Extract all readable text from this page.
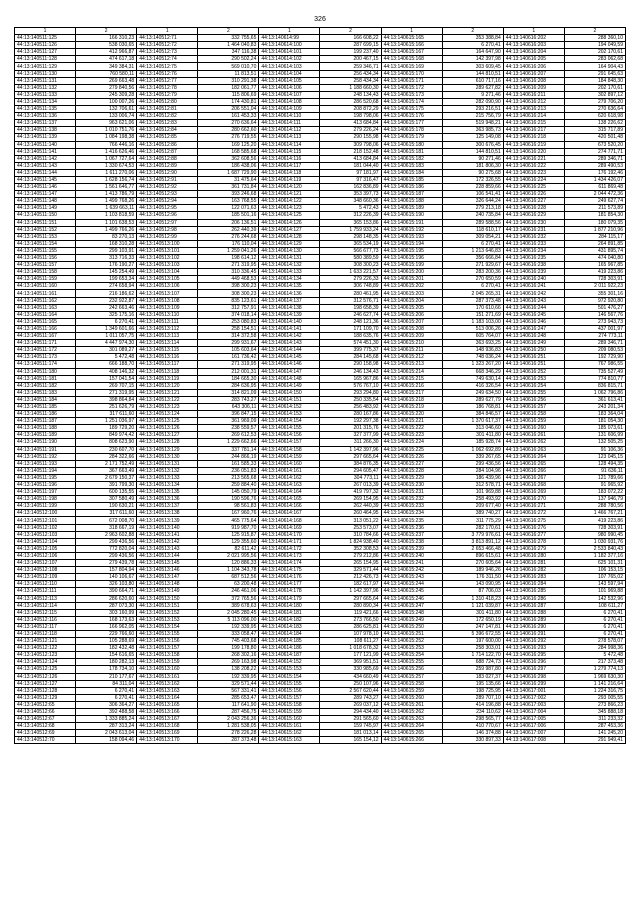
326
1	2	1	2	1	2	1	2	1	2
44:13:140511:125	166 310,23	44:13:140512:71	332 755,65	44:13:140614:99	166 608,22	44:13:140615:165	353 388,84	44:13:140616:202	288 360,10
44:13:140511:126	538 030,65	44:13:140512:72	1 464 040,83	44:13:140614:100	287 699,15	44:13:140615:166	6 270,41	44:13:140616:203	194 049,59
44:13:140511:127	412 966,87	44:13:140512:73	347 116,38	44:13:140614:101	199 237,40	44:13:140615:167	164 647,90	44:13:140616:204	202 170,61
44:13:140511:128	474 617,18	44:13:140512:74	290 502,24	44:13:140614:102	200 467,15	44:13:140615:168	142 397,98	44:13:140616:205	283 062,68
44:13:140511:129	349 384,31	44:13:140512:75	569 010,70	44:13:140614:103	259 346,71	44:13:140615:169	303 609,45	44:13:140616:206	164 904,43
44:13:140511:130	760 580,11	44:13:140512:76	11 813,51	44:13:140614:104	256 434,34	44:13:140615:170	144 810,51	44:13:140616:207	291 645,63
44:13:140511:131	269 663,48	44:13:140512:77	310 291,38	44:13:140614:105	258 434,34	44:13:140615:171	610 717,16	44:13:140616:208	184 848,30
44:13:140511:132	279 840,56	44:13:140512:78	182 061,77	44:13:140614:106	1 188 660,30	44:13:140615:172	289 627,82	44:13:140616:209	202 170,61
44:13:140511:133	245 309,28	44:13:140512:79	115 806,69	44:13:140614:107	248 134,43	44:13:140615:173	9 271,46	44:13:140616:211	302 897,12
44:13:140511:134	100 007,26	44:13:140512:80	174 430,81	44:13:140614:108	286 520,68	44:13:140615:174	282 090,90	44:13:140616:212	279 706,20
44:13:140511:135	132 706,61	44:13:140512:81	206 551,04	44:13:140614:109	208 872,29	44:13:140615:175	293 216,51	44:13:140616:213	270 636,64
44:13:140511:136	133 006,74	44:13:140512:82	161 453,33	44:13:140614:110	198 798,06	44:13:140615:176	215 756,79	44:13:140616:214	620 618,98
44:13:140511:137	963 621,06	44:13:140512:83	270 636,64	44:13:140614:111	413 684,84	44:13:140615:177	519 948,21	44:13:140616:215	138 226,62
44:13:140511:138	1 010 751,76	44:13:140512:84	280 662,60	44:13:140614:112	279 226,24	44:13:140615:178	363 985,73	44:13:140616:217	315 717,89
44:13:140511:139	1 084 198,38	44:13:140512:85	276 719,55	44:13:140614:113	290 155,98	44:13:140615:179	125 149,08	44:13:140616:218	420 501,48
44:13:140511:140	766 446,16	44:13:140512:86	169 125,20	44:13:140614:114	309 798,06	44:13:140615:180	300 676,45	44:13:140616:219	673 520,20
44:13:140511:141	1 416 626,46	44:13:140512:87	168 585,68	44:13:140614:115	218 152,48	44:13:140615:181	144 810,51	44:13:140616:220	274 771,71
44:13:140511:142	1 067 727,64	44:13:140512:88	362 608,56	44:13:140614:116	413 684,84	44:13:140615:182	90 271,46	44:13:140616:221	289 346,71
44:13:140511:143	1 330 674,53	44:13:140512:89	186 438,06	44:13:140614:117	181 044,40	44:13:140615:183	181 806,30	44:13:140616:222	289 490,53
44:13:140511:144	1 611 270,06	44:13:140512:90	1 687 729,90	44:13:140614:118	97 181,97	44:13:140615:184	90 275,68	44:13:140616:223	176 192,46
44:13:140511:145	1 628 156,74	44:13:140512:91	31 475,64	44:13:140614:119	97 316,47	44:13:140615:185	172 326,55	44:13:140616:224	1 434 426,07
44:13:140511:146	1 561 646,77	44:13:140512:92	361 731,84	44:13:140614:120	162 836,89	44:13:140615:186	228 859,66	44:13:140616:225	611 869,48
44:13:140511:147	1 413 786,79	44:13:140512:93	393 246,68	44:13:140614:121	353 397,73	44:13:140615:187	106 541,41	44:13:140616:226	2 044 472,36
44:13:140511:148	1 499 768,26	44:13:140512:94	163 768,55	44:13:140614:122	348 660,36	44:13:140615:188	326 644,24	44:13:140616:227	249 627,74
44:13:140511:149	1 639 663,11	44:13:140512:95	122 071,63	44:13:140614:123	5 472,43	44:13:140615:189	279 213,18	44:13:140616:228	211 573,89
44:13:140511:150	1 103 818,59	44:13:140512:96	185 501,16	44:13:140614:125	312 226,39	44:13:140615:190	240 735,84	44:13:140616:229	181 854,30
44:13:140511:151	1 101 638,53	44:13:140512:97	206 136,51	44:13:140614:126	365 153,86	44:13:140615:191	289 588,56	44:13:140616:230	180 079,35
44:13:140511:152	1 499 766,26	44:13:140512:98	262 440,39	44:13:140614:127	1 759 933,24	44:13:140615:192	118 610,17	44:13:140616:231	1 877 210,96
44:13:140511:153	83 270,13	44:13:140512:99	276 244,68	44:13:140614:128	298 148,35	44:13:140615:193	309 054,21	44:13:140616:232	284 115,17
44:13:140511:154	168 310,28	44:13:140513:100	176 110,04	44:13:140614:129	365 534,19	44:13:140615:194	6 270,41	44:13:140616:233	264 891,85
44:13:140511:155	299 103,91	44:13:140513:101	1 259 041,26	44:13:140614:130	566 677,73	44:13:140615:195	1 213 646,83	44:13:140616:234	431 895,74
44:13:140511:156	313 716,33	44:13:140513:102	198 614,12	44:13:140614:131	580 389,59	44:13:140615:196	356 666,84	44:13:140616:235	474 040,80
44:13:140511:157	176 190,27	44:13:140513:103	271 319,95	44:13:140614:132	308 300,23	44:13:140615:199	271 929,67	44:13:140616:238	165 967,85
44:13:140511:158	145 254,49	44:13:140513:104	310 336,45	44:13:140614:133	1 633 221,57	44:13:140615:200	283 200,36	44:13:140616:239	419 223,86
44:13:140511:159	199 653,34	44:13:140513:105	449 468,53	44:13:140614:134	279 226,33	44:13:140615:201	270 650,59	44:13:140616:240	728 303,91
44:13:140511:160	274 658,94	44:13:140513:106	398 300,23	44:13:140614:135	306 748,89	44:13:140615:202	6 270,41	44:13:140616:241	2 011 922,23
44:13:140511:161	216 186,62	44:13:140513:107	308 300,23	44:13:140614:136	280 461,95	44:13:140615:203	2 045 265,31	44:13:140616:242	355 301,16
44:13:140511:162	232 922,87	44:13:140513:108	835 123,61	44:13:140614:137	312 576,71	44:13:140615:204	287 373,48	44:13:140616:243	972 920,80
44:13:140511:163	242 663,46	44:13:140513:109	312 757,91	44:13:140614:138	198 658,39	44:13:140615:205	170 610,66	44:13:140616:244	501 476,27
44:13:140511:164	325 175,16	44:13:140513:110	374 018,14	44:13:140614:139	246 627,74	44:13:140615:206	151 271,69	44:13:140616:245	146 567,76
44:13:140511:165	6 270,41	44:13:140513:111	253 080,83	44:13:140614:140	248 121,36	44:13:140615:207	1 183 103,00	44:13:140616:246	273 943,73
44:13:140511:166	1 349 601,66	44:13:140513:112	258 154,51	44:13:140614:141	171 109,70	44:13:140615:208	513 006,26	44:13:140616:247	437 001,97
44:13:140511:167	1 011 057,75	44:13:140513:113	314 372,58	44:13:140614:142	188 635,76	44:13:140615:209	605 764,07	44:13:140616:248	274 773,11
44:13:140511:171	4 447 974,30	44:13:140513:114	299 931,67	44:13:140614:143	574 451,30	44:13:140615:210	363 693,25	44:13:140616:249	289 346,71
44:13:140511:172	301 089,27	44:13:140513:115	105 603,64	44:13:140614:144	399 775,37	44:13:140615:211	148 936,83	44:13:140616:250	209 080,53
44:13:140511:173	5 472,48	44:13:140513:116	161 736,42	44:13:140614:145	284 145,68	44:13:140615:212	748 036,24	44:13:140616:251	192 729,90
44:13:140511:174	666 188,70	44:13:140513:117	271 319,95	44:13:140614:146	290 158,98	44:13:140615:213	1 323 267,20	44:13:140616:251	767 986,55
44:13:140511:180	408 146,32	44:13:140513:118	212 001,31	44:13:140614:147	246 134,43	44:13:140615:214	668 346,29	44:13:140616:252	735 527,49
44:13:140511:181	157 041,54	44:13:140513:119	184 665,30	44:13:140614:148	165 967,86	44:13:140615:215	749 630,14	44:13:140616:253	774 810,77
44:13:140511:182	269 707,15	44:13:140513:120	284 636,95	44:13:140614:149	576 767,10	44:13:140615:216	416 326,54	44:13:140616:254	836 815,71
44:13:140511:183	271 319,95	44:13:140513:121	314 821,09	44:13:140614:150	293 294,80	44:13:140615:217	249 634,50	44:13:140616:255	1 062 796,86
44:13:140511:184	398 864,84	44:13:140513:122	283 743,27	44:13:140614:151	250 335,54	44:13:140615:218	289 627,79	44:13:140616:256	361 613,41
44:13:140511:185	251 626,79	44:13:140513:123	643 306,11	44:13:140614:152	256 483,92	44:13:140615:219	186 768,81	44:13:140616:257	243 201,34
44:13:140511:186	317 611,60	44:13:140513:124	396 847,15	44:13:140614:153	280 167,86	44:13:140615:220	384 846,57	44:13:140616:258	183 364,04
44:13:140511:187	1 251 036,97	44:13:140513:125	361 969,09	44:13:140614:154	192 297,38	44:13:140615:221	1 370 617,37	44:13:140616:259	181 054,30
44:13:140511:188	189 729,20	44:13:140513:126	238 559,57	44:13:140614:155	201 315,76	44:13:140615:222	313 046,60	44:13:140616:260	185 073,61
44:13:140511:189	849 974,42	44:13:140513:127	269 612,53	44:13:140614:156	327 377,99	44:13:140615:223	301 411,80	44:13:140616:261	131 606,99
44:13:140511:190	808 623,90	44:13:140513:128	1 229 662,66	44:13:140614:157	311 266,30	44:13:140615:224	185 928,74	44:13:140616:262	132 505,25
44:13:140511:191	230 607,70	44:13:140513:129	337 781,14	44:13:140614:158	1 142 397,96	44:13:140615:225	1 062 692,89	44:13:140616:263	91 106,36
44:13:140511:192	284 322,66	44:13:140513:130	244 866,19	44:13:140614:159	297 665,64	44:13:140615:226	339 267,65	44:13:140616:264	123 045,15
44:13:140511:193	2 171 752,49	44:13:140513:131	161 585,33	44:13:140614:160	384 876,35	44:13:140615:227	299 436,56	44:13:140616:265	128 494,35
44:13:140511:194	367 663,49	44:13:140513:132	236 051,83	44:13:140614:161	294 605,47	44:13:140615:228	284 104,96	44:13:140616:266	91 636,11
44:13:140511:195	2 679 150,37	44:13:140513:133	213 565,68	44:13:140614:162	304 773,11	44:13:140615:229	186 439,96	44:13:140616:267	121 789,66
44:13:140511:196	391 799,30	44:13:140513:134	259 884,40	44:13:140614:163	267 013,39	44:13:140615:230	312 578,71	44:13:140616:268	91 965,92
44:13:140511:197	600 135,55	44:13:140513:135	145 050,79	44:13:140614:164	419 797,32	44:13:140615:231	101 969,88	44:13:140616:269	183 072,22
44:13:140511:198	307 580,49	44:13:140513:136	190 596,76	44:13:140614:165	269 154,95	44:13:140615:232	258 493,92	44:13:140616:270	137 946,79
44:13:140511:199	190 630,21	44:13:140513:137	98 561,83	44:13:140614:166	262 440,39	44:13:140615:233	209 677,40	44:13:140616:271	288 780,56
44:13:140512:100	317 611,60	44:13:140513:138	167 960,76	44:13:140614:167	260 464,95	44:13:140615:234	389 740,27	44:13:140616:272	1 466 767,21
44:13:140512:101	672 008,70	44:13:140513:139	465 775,64	44:13:140614:168	313 051,22	44:13:140615:235	311 775,29	44:13:140616:275	419 223,86
44:13:140512:102	318 667,19	44:13:140513:140	919 987,70	44:13:140614:169	253 573,07	44:13:140615:236	282 170,61	44:13:140616:276	728 303,91
44:13:140512:103	2 963 602,88	44:13:140513:141	125 915,87	44:13:140614:170	310 784,66	44:13:140615:237	3 779 976,61	44:13:140616:277	980 990,45
44:13:140512:104	299 436,56	44:13:140513:142	129 355,60	44:13:140614:171	1 824 938,40	44:13:140615:238	3 813 891,12	44:13:140616:278	1 030 931,76
44:13:140512:105	772 820,04	44:13:140513:143	82 611,42	44:13:140614:172	352 308,53	44:13:140615:239	2 653 466,48	44:13:140616:279	2 533 840,43
44:13:140512:106	299 436,56	44:13:140513:144	2 021 995,56	44:13:140614:173	279 212,86	44:13:140615:240	896 615,61	44:13:140616:280	1 182 377,16
44:13:140512:107	279 439,78	44:13:140513:145	120 886,33	44:13:140614:174	265 154,95	44:13:140615:241	270 605,64	44:13:140616:281	625 101,31
44:13:140512:108	157 804,94	44:13:140513:146	1 104 343,78	44:13:140614:175	329 571,44	44:13:140615:242	189 946,26	44:13:140616:282	106 153,15
44:13:140512:109	140 106,67	44:13:140513:147	687 512,56	44:13:140614:176	212 426,73	44:13:140615:243	176 311,50	44:13:140616:283	107 765,02
44:13:140512:110	326 103,80	44:13:140513:148	63 200,48	44:13:140614:177	182 617,97	44:13:140615:244	143 090,95	44:13:140616:284	143 597,94
44:13:140512:111	390 664,71	44:13:140513:149	246 461,06	44:13:140614:178	1 142 397,96	44:13:140615:245	87 706,03	44:13:140616:285	101 969,88
44:13:140512:113	286 620,60	44:13:140513:150	372 765,56	44:13:140614:179	297 665,64	44:13:140615:246	1 310 418,23	44:13:140616:286	142 532,96
44:13:140512:114	287 073,30	44:13:140513:151	389 678,63	44:13:140614:180	280 890,34	44:13:140615:247	1 121 039,87	44:13:140616:287	108 611,27
44:13:140512:115	303 160,99	44:13:140513:152	2 045 280,45	44:13:140614:181	119 421,66	44:13:140615:248	301 411,80	44:13:140616:288	6 270,41
44:13:140512:116	168 173,63	44:13:140513:153	5 113 096,00	44:13:140614:182	273 766,50	44:13:140615:249	172 650,19	44:13:140616:289	6 270,41
44:13:140512:117	166 962,05	44:13:140513:154	192 339,95	44:13:140614:183	286 625,81	44:13:140615:250	247 147,81	44:13:140616:290	6 270,41
44:13:140512:118	229 766,60	44:13:140513:155	333 058,47	44:13:140614:184	107 978,10	44:13:140615:251	5 396 672,55	44:13:140616:291	6 270,41
44:13:140512:121	105 288,69	44:13:140513:156	745 403,68	44:13:140614:185	108 611,27	44:13:140615:252	197 600,00	44:13:140616:292	278 578,07
44:13:140512:122	182 432,48	44:13:140513:157	199 178,80	44:13:140614:186	1 018 678,32	44:13:140615:253	258 303,01	44:13:140616:293	284 998,36
44:13:140512:123	154 616,65	44:13:140513:158	268 302,16	44:13:140614:187	177 121,99	44:13:140615:254	1 714 122,70	44:13:140616:295	5 472,48
44:13:140512:124	180 282,13	44:13:140513:159	269 163,98	44:13:140614:152	369 951,51	44:13:140615:255	688 724,73	44:13:140616:296	217 373,48
44:13:140512:125	178 734,10	44:13:140513:160	138 208,22	44:13:140615:153	330 985,69	44:13:140615:256	259 987,80	44:13:140616:297	1 279 774,13
44:13:140512:126	210 177,67	44:13:140513:161	192 339,95	44:13:140615:154	434 660,49	44:13:140615:257	183 027,37	44:13:140616:298	1 969 630,30
44:13:140512:127	84 311,04	44:13:140513:162	329 571,44	44:13:140615:155	250 107,96	44:13:140615:258	195 135,66	44:13:140616:299	1 141 216,64
44:13:140512:128	6 270,41	44:13:140513:163	567 331,41	44:13:140615:156	2 567 620,44	44:13:140615:259	198 725,95	44:13:140617:001	1 224 316,75
44:13:140512:129	6 270,41	44:13:140513:164	285 653,47	44:13:140615:157	289 743,27	44:13:140615:260	289 707,10	44:13:140617:002	293 005,55
44:13:140512:65	306 364,27	44:13:140513:165	117 641,90	44:13:140615:158	269 037,12	44:13:140615:261	414 196,88	44:13:140617:003	273 866,23
44:13:140512:66	392 488,58	44:13:140513:166	287 456,75	44:13:140615:159	294 434,40	44:13:140615:262	234 110,62	44:13:140617:004	345 888,18
44:13:140512:67	1 333 885,24	44:13:140513:167	2 043 256,36	44:13:140615:160	291 565,60	44:13:140615:263	298 565,77	44:13:140617:005	311 233,32
44:13:140512:68	287 313,24	44:13:140513:168	1 281 538,05	44:13:140615:161	159 745,97	44:13:140615:264	410 770,67	44:13:140617:006	287 453,36
44:13:140512:69	2 043 613,04	44:13:140513:169	278 226,28	44:13:140615:162	181 013,14	44:13:140615:265	146 374,88	44:13:140617:007	141 245,20
44:13:140512:70	158 094,46	44:13:140513:170	287 373,48	44:13:140615:163	165 154,12	44:13:140615:266	330 897,33	44:13:140617:008	291 949,41
